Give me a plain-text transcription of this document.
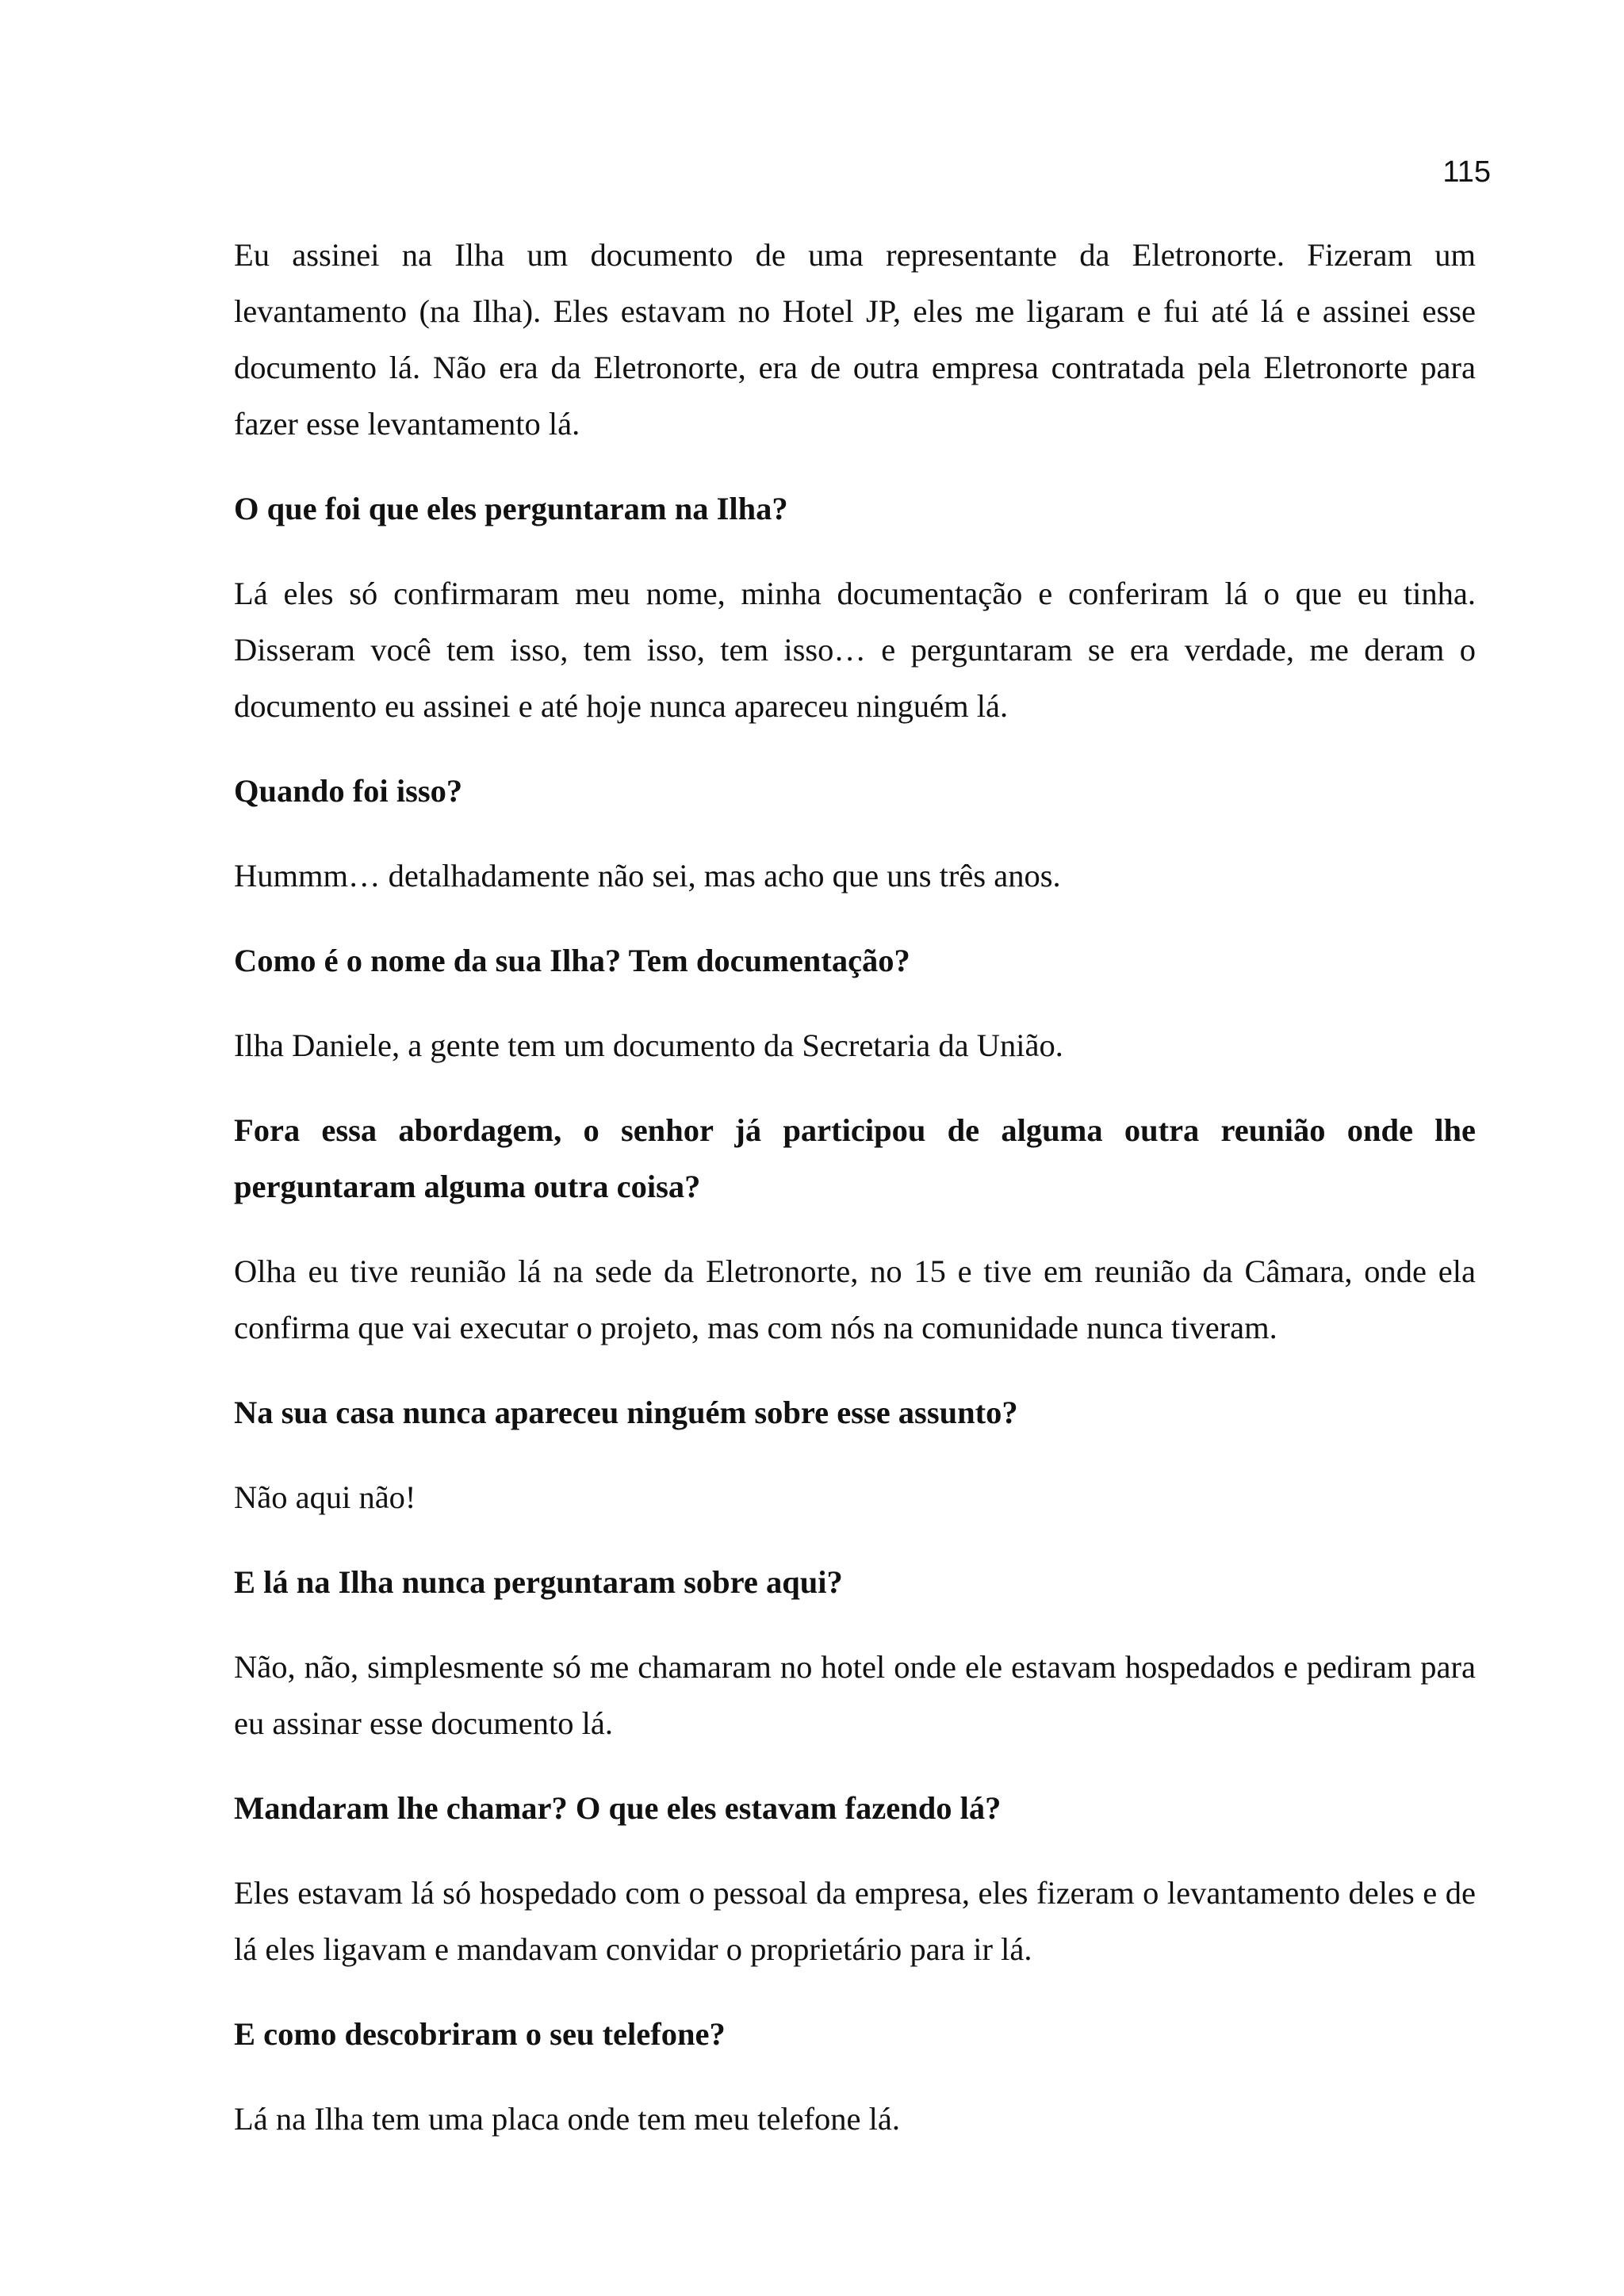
115

Eu assinei na Ilha um documento de uma representante da Eletronorte. Fizeram um levantamento (na Ilha). Eles estavam no Hotel JP, eles me ligaram e fui até lá e assinei esse documento lá. Não era da Eletronorte, era de outra empresa contratada pela Eletronorte para fazer esse levantamento lá.

O que foi que eles perguntaram na Ilha?

Lá eles só confirmaram meu nome, minha documentação e conferiram lá o que eu tinha. Disseram você tem isso, tem isso, tem isso… e perguntaram se era verdade, me deram o documento eu assinei e até hoje nunca apareceu ninguém lá.

Quando foi isso?

Hummm… detalhadamente não sei, mas acho que uns três anos.

Como é o nome da sua Ilha? Tem documentação?

Ilha Daniele, a gente tem um documento da Secretaria da União.

Fora essa abordagem, o senhor já participou de alguma outra reunião onde lhe perguntaram alguma outra coisa?

Olha eu tive reunião lá na sede da Eletronorte, no 15 e tive em reunião da Câmara, onde ela confirma que vai executar o projeto, mas com nós na comunidade nunca tiveram.

Na sua casa nunca apareceu ninguém sobre esse assunto?

Não aqui não!

E lá na Ilha nunca perguntaram sobre aqui?

Não, não, simplesmente só me chamaram no hotel onde ele estavam hospedados e pediram para eu assinar esse documento lá.

Mandaram lhe chamar? O que eles estavam fazendo lá?

Eles estavam lá só hospedado com o pessoal da empresa, eles fizeram o levantamento deles e de lá eles ligavam e mandavam convidar o proprietário para ir lá.

E como descobriram o seu telefone?

Lá na Ilha tem uma placa onde tem meu telefone lá.
